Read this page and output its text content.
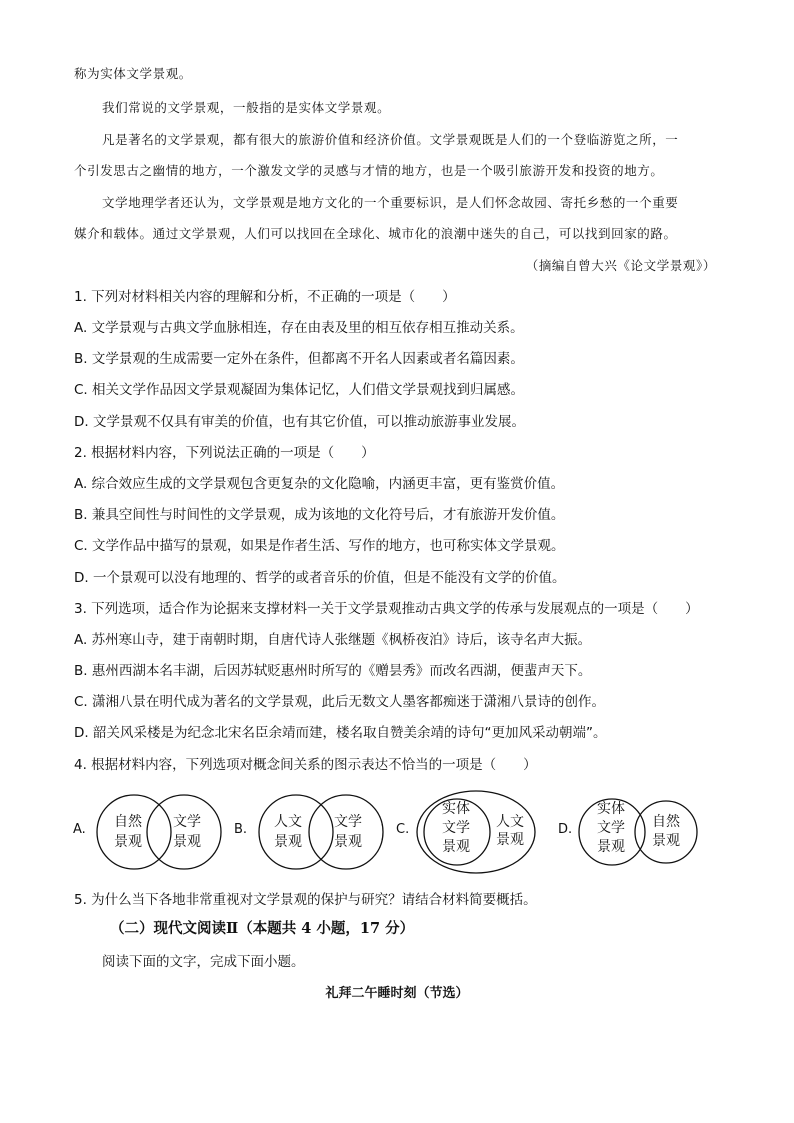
称为实体文学景观。
我们常说的文学景观，一般指的是实体文学景观。
凡是著名的文学景观，都有很大的旅游价值和经济价值。文学景观既是人们的一个登临游览之所，一
个引发思古之幽情的地方，一个激发文学的灵感与才情的地方，也是一个吸引旅游开发和投资的地方。
文学地理学者还认为，文学景观是地方文化的一个重要标识，是人们怀念故园、寄托乡愁的一个重要
媒介和载体。通过文学景观，人们可以找回在全球化、城市化的浪潮中迷失的自己，可以找到回家的路。
（摘编自曾大兴《论文学景观》）
1. 下列对材料相关内容的理解和分析，不正确的一项是（　　）
A. 文学景观与古典文学血脉相连，存在由表及里的相互依存相互推动关系。
B. 文学景观的生成需要一定外在条件，但都离不开名人因素或者名篇因素。
C. 相关文学作品因文学景观凝固为集体记忆，人们借文学景观找到归属感。
D. 文学景观不仅具有审美的价值，也有其它价值，可以推动旅游事业发展。
2. 根据材料内容，下列说法正确的一项是（　　）
A. 综合效应生成的文学景观包含更复杂的文化隐喻，内涵更丰富，更有鉴赏价值。
B. 兼具空间性与时间性的文学景观，成为该地的文化符号后，才有旅游开发价值。
C. 文学作品中描写的景观，如果是作者生活、写作的地方，也可称实体文学景观。
D. 一个景观可以没有地理的、哲学的或者音乐的价值，但是不能没有文学的价值。
3. 下列选项，适合作为论据来支撑材料一关于文学景观推动古典文学的传承与发展观点的一项是（　　）
A. 苏州寒山寺，建于南朝时期，自唐代诗人张继题《枫桥夜泊》诗后，该寺名声大振。
B. 惠州西湖本名丰湖，后因苏轼贬惠州时所写的《赠昙秀》而改名西湖，便蜚声天下。
C. 潇湘八景在明代成为著名的文学景观，此后无数文人墨客都痴迷于潇湘八景诗的创作。
D. 韶关风采楼是为纪念北宋名臣余靖而建，楼名取自赞美余靖的诗句“更加风采动朝端”。
4. 根据材料内容，下列选项对概念间关系的图示表达不恰当的一项是（　　）
A. 自然
景观
文学
景观
B. 人文
景观
文学
景观
C.
实体
文学
景观
人文
景观
D.
实体
文学
景观
自然
景观
5. 为什么当下各地非常重视对文学景观的保护与研究？请结合材料简要概括。
（二）现代文阅读Ⅱ（本题共 4 小题，17 分）
阅读下面的文字，完成下面小题。
礼拜二午睡时刻（节选）
